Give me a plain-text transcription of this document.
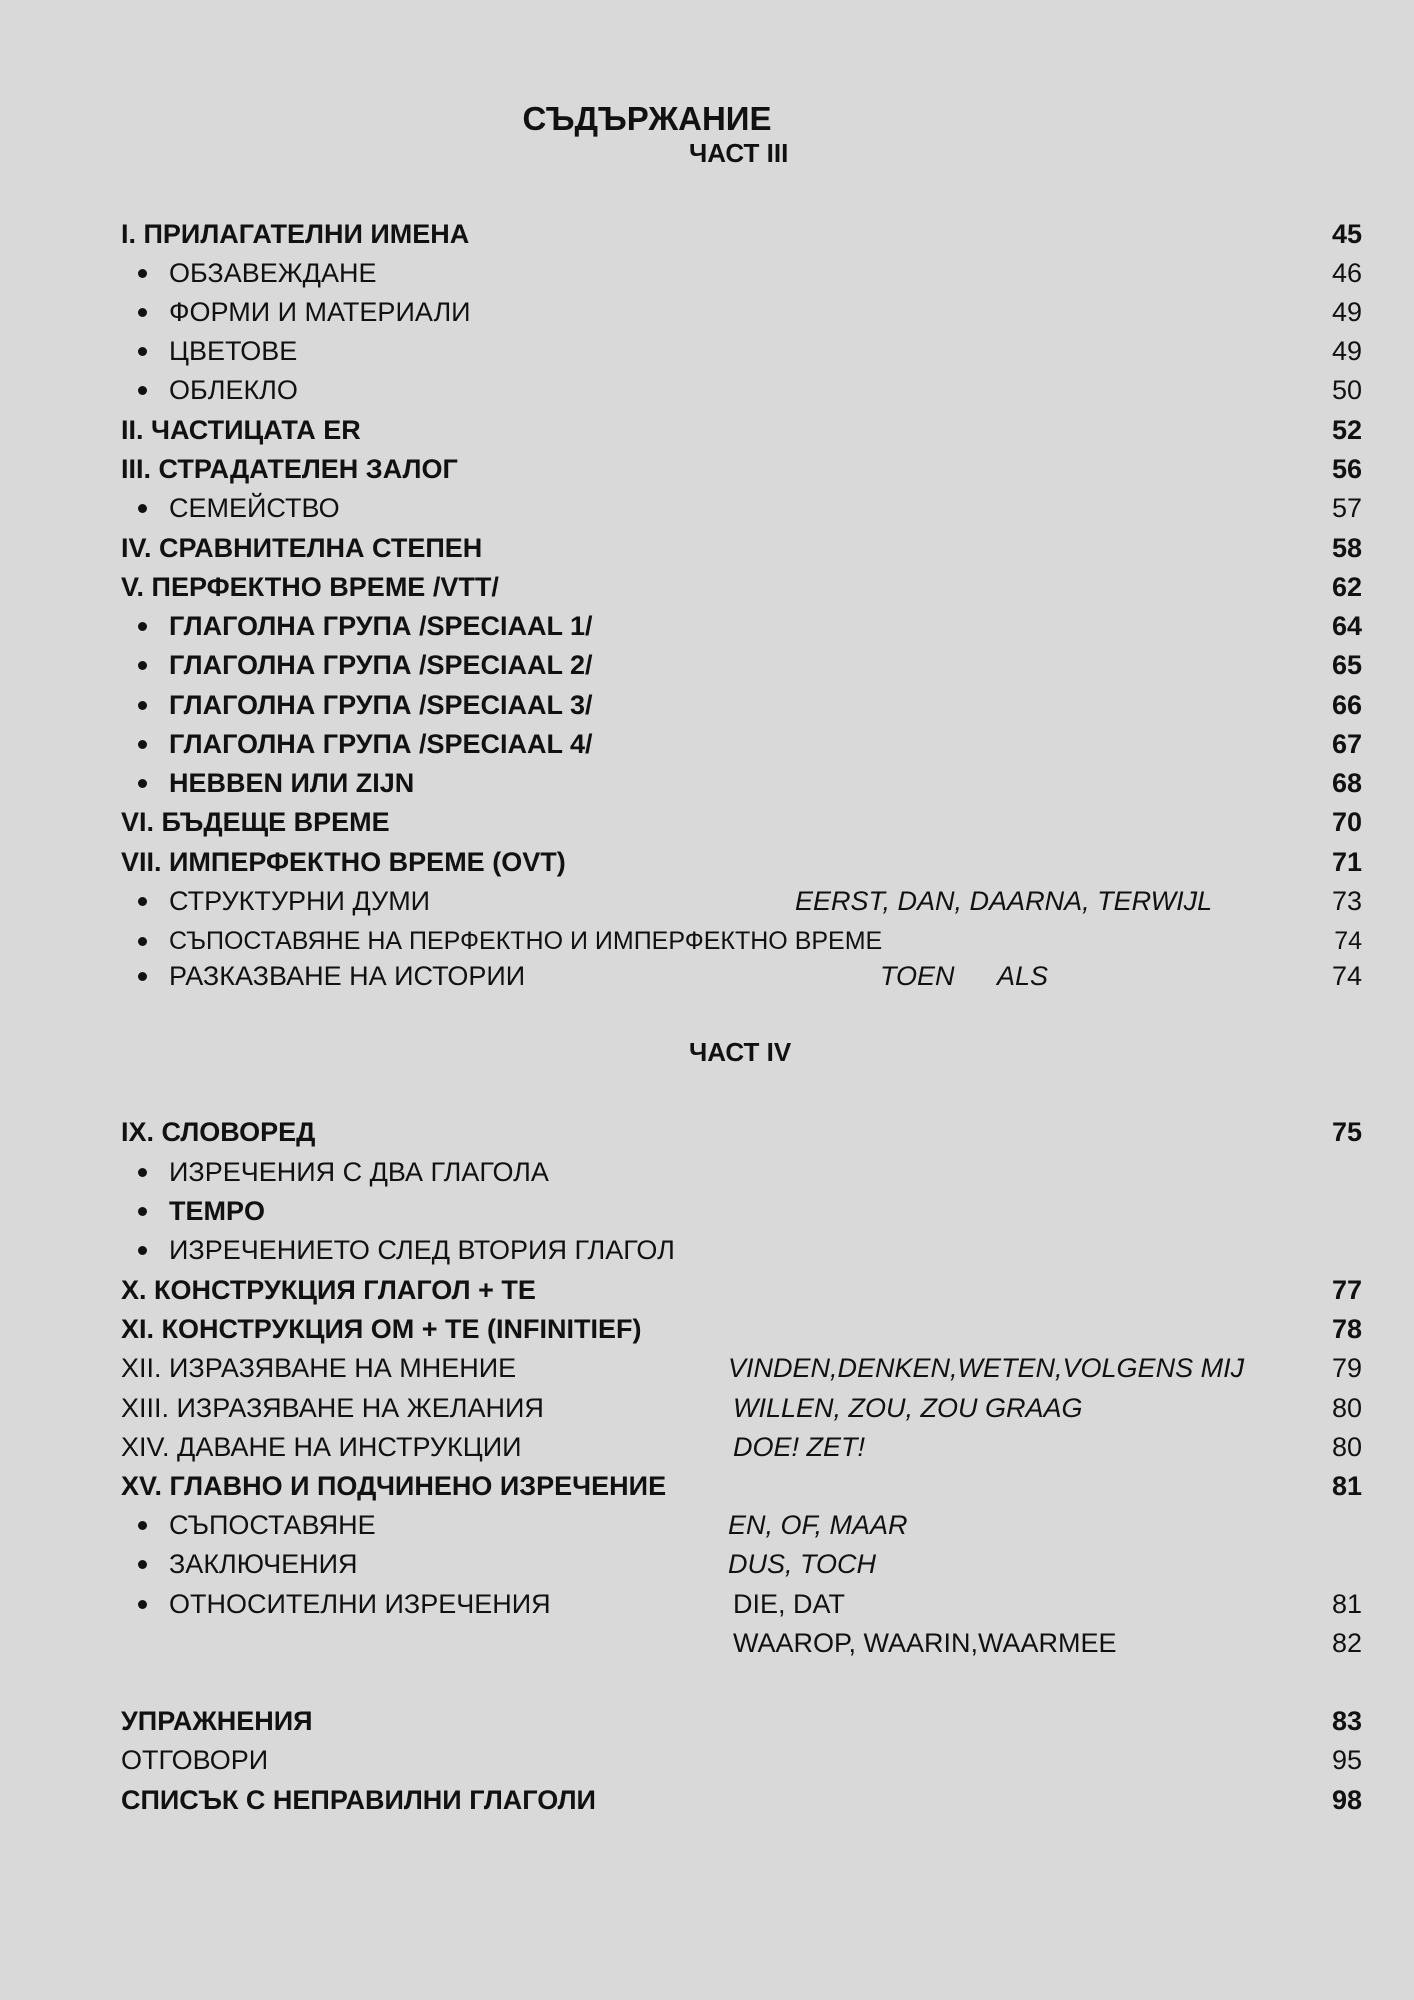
СЪДЪРЖАНИЕ
ЧАСТ III
ЧАСТ IV
I. ПРИЛАГАТЕЛНИ ИМЕНА	45
ОБЗАВЕЖДАНЕ	46
ФОРМИ И МАТЕРИАЛИ	49
ЦВЕТОВЕ	49
ОБЛЕКЛО	50
II. ЧАСТИЦАТА ER	52
III. СТРАДАТЕЛЕН ЗАЛОГ	56
СЕМЕЙСТВО	57
IV. СРАВНИТЕЛНА СТЕПЕН	58
V. ПЕРФЕКТНО ВРЕМЕ /VTT/	62
ГЛАГОЛНА ГРУПА /SPECIAAL 1/	64
ГЛАГОЛНА ГРУПА /SPECIAAL 2/	65
ГЛАГОЛНА ГРУПА /SPECIAAL 3/	66
ГЛАГОЛНА ГРУПА /SPECIAAL 4/	67
HEBBEN ИЛИ ZIJN	68
VI. БЪДЕЩЕ ВРЕМЕ	70
VII. ИМПЕРФЕКТНО ВРЕМЕ (OVT)	71
СТРУКТУРНИ ДУМИ	EERST, DAN, DAARNA, TERWIJL	73
СЪПОСТАВЯНЕ НА ПЕРФЕКТНО И ИМПЕРФЕКТНО ВРЕМЕ	74
РАЗКАЗВАНЕ НА ИСТОРИИ	TOEN ALS	74
IX. СЛОВОРЕД	75
ИЗРЕЧЕНИЯ С ДВА ГЛАГОЛА
TEMPO
ИЗРЕЧЕНИЕТО СЛЕД ВТОРИЯ ГЛАГОЛ
X. КОНСТРУКЦИЯ ГЛАГОЛ + TE	77
XI. КОНСТРУКЦИЯ OM + TE (INFINITIEF)	78
XII. ИЗРАЗЯВАНЕ НА МНЕНИЕ	VINDEN,DENKEN,WETEN,VOLGENS MIJ	79
XIII. ИЗРАЗЯВАНЕ НА ЖЕЛАНИЯ	WILLEN, ZOU, ZOU GRAAG	80
XIV. ДАВАНЕ НА ИНСТРУКЦИИ	DOE! ZET!	80
XV. ГЛАВНО И ПОДЧИНЕНО ИЗРЕЧЕНИЕ	81
СЪПОСТАВЯНЕ	EN, OF, MAAR
ЗАКЛЮЧЕНИЯ	DUS, TOCH
ОТНОСИТЕЛНИ ИЗРЕЧЕНИЯ	DIE, DAT	81
WAAROP, WAARIN,WAARMEE	82
УПРАЖНЕНИЯ	83
ОТГОВОРИ	95
СПИСЪК С НЕПРАВИЛНИ ГЛАГОЛИ	98
